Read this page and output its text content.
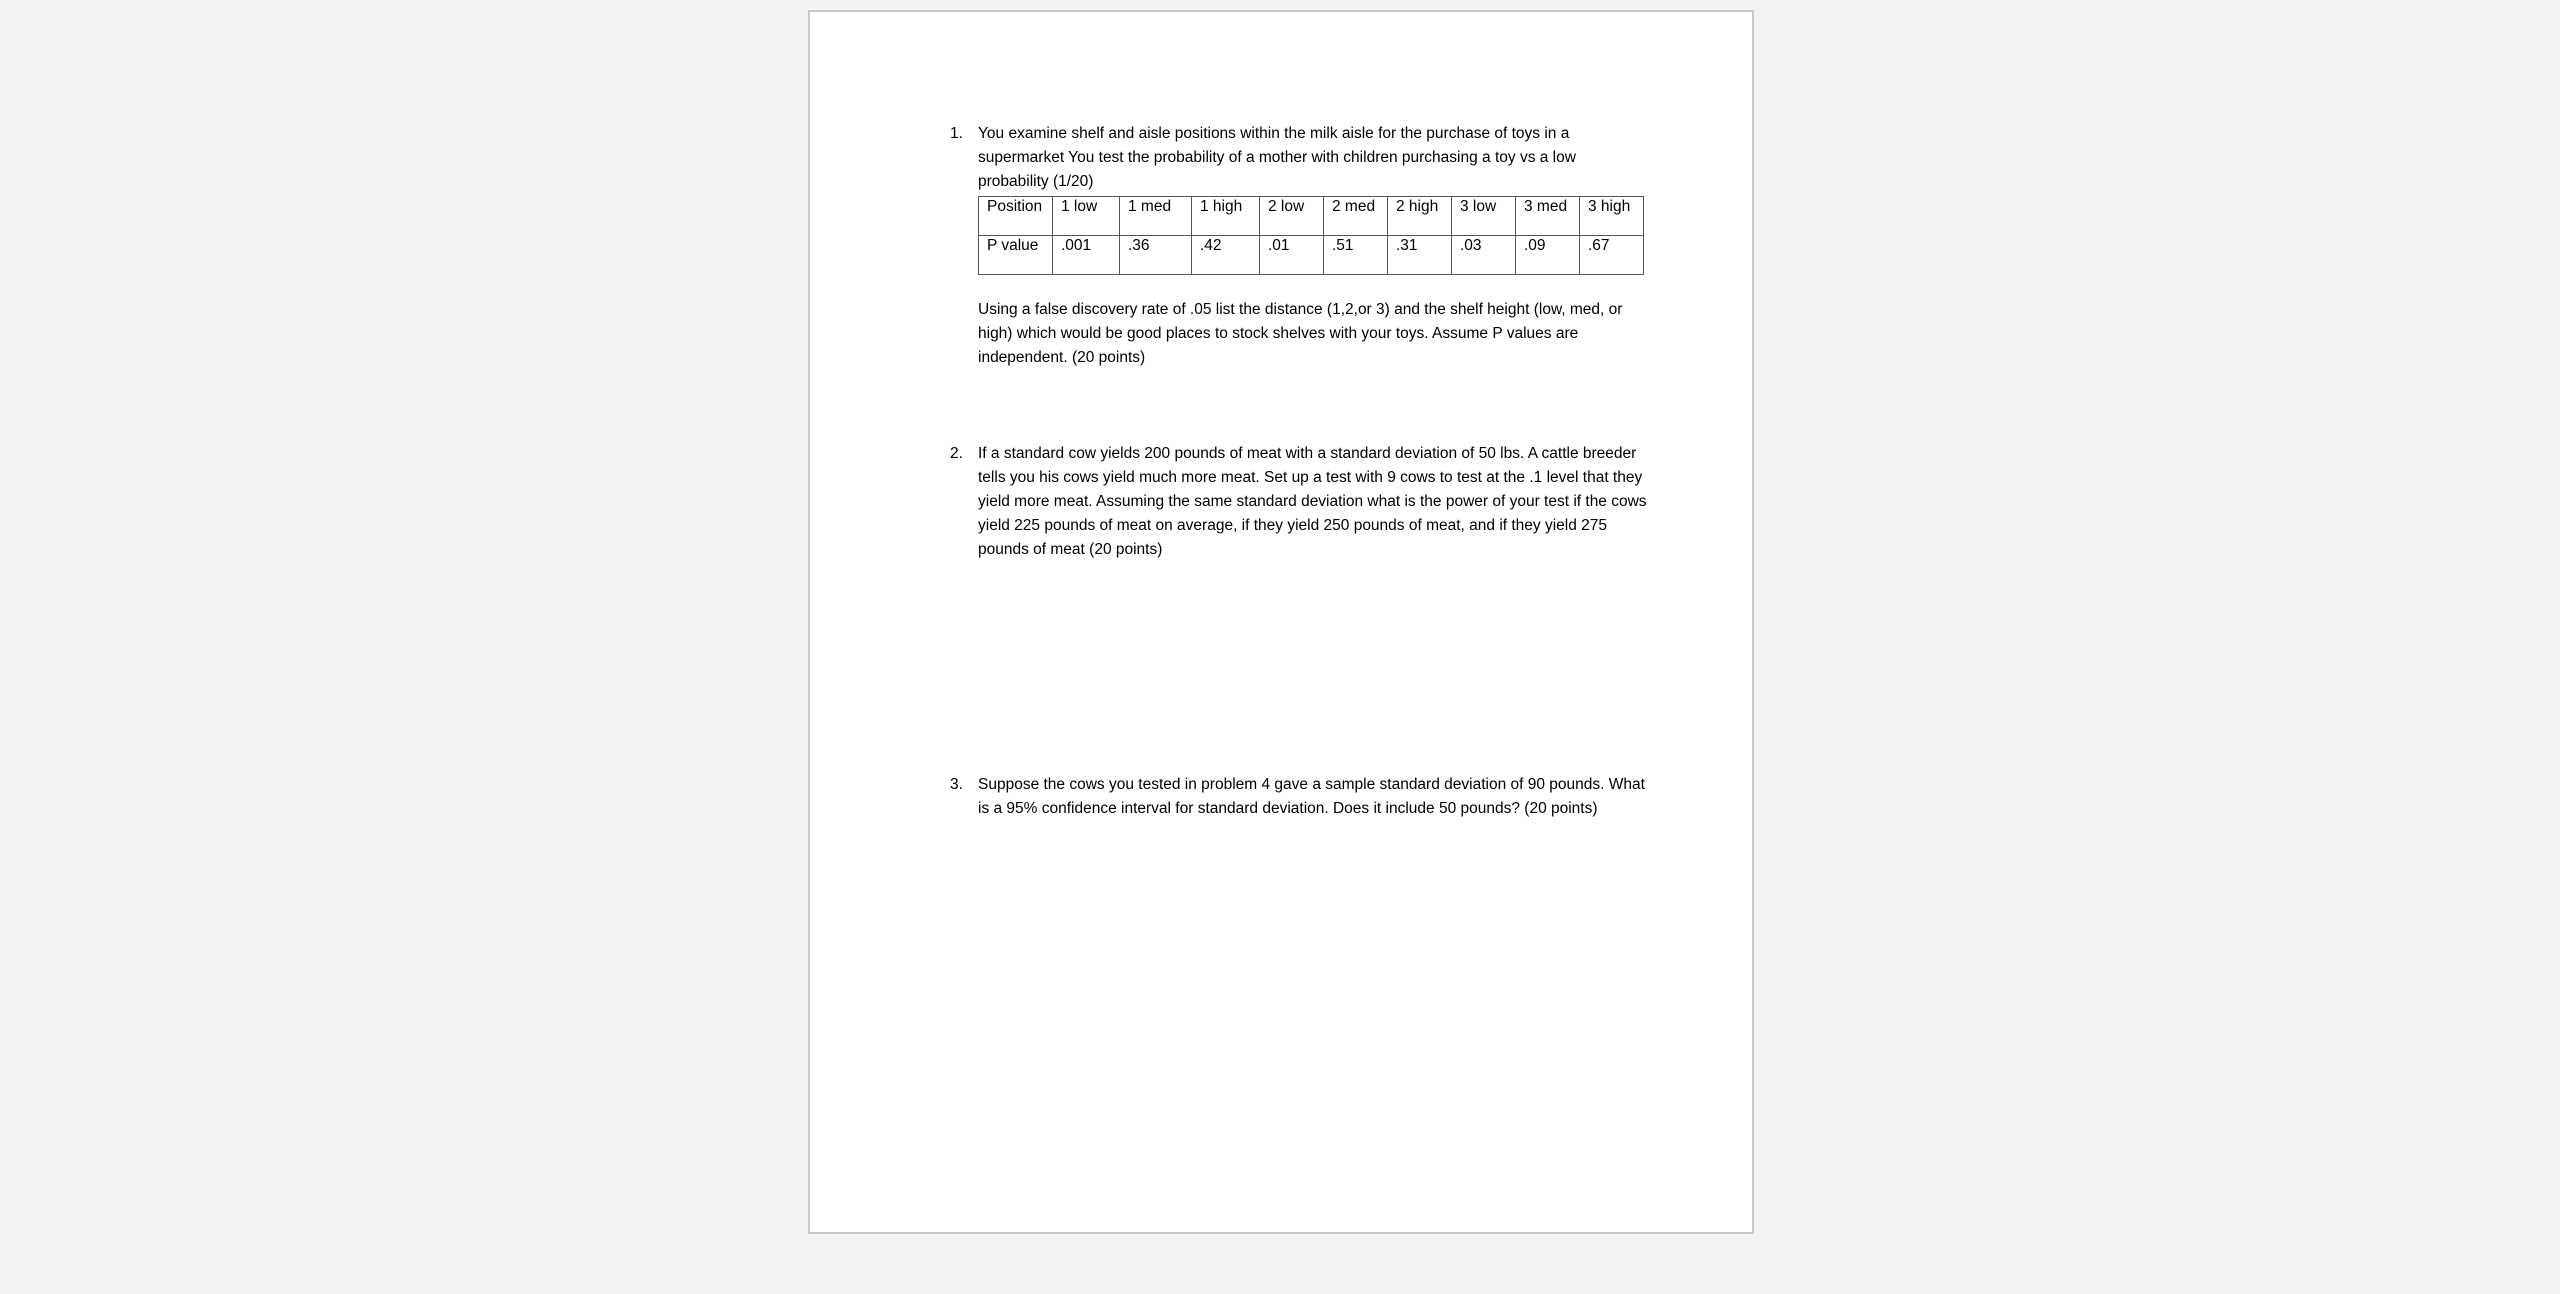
1. You examine shelf and aisle positions within the milk aisle for the purchase of toys in a supermarket You test the probability of a mother with children purchasing a toy vs a low probability (1/20)
Position	1 low	1 med	1 high	2 low	2 med	2 high	3 low	3 med	3 high
P value	.001	.36	.42	.01	.51	.31	.03	.09	.67
Using a false discovery rate of .05 list the distance (1,2,or 3) and the shelf height (low, med, or high) which would be good places to stock shelves with your toys. Assume P values are independent. (20 points)
2. If a standard cow yields 200 pounds of meat with a standard deviation of 50 lbs. A cattle breeder tells you his cows yield much more meat. Set up a test with 9 cows to test at the .1 level that they yield more meat. Assuming the same standard deviation what is the power of your test if the cows yield 225 pounds of meat on average, if they yield 250 pounds of meat, and if they yield 275 pounds of meat (20 points)
3. Suppose the cows you tested in problem 4 gave a sample standard deviation of 90 pounds. What is a 95% confidence interval for standard deviation. Does it include 50 pounds? (20 points)
